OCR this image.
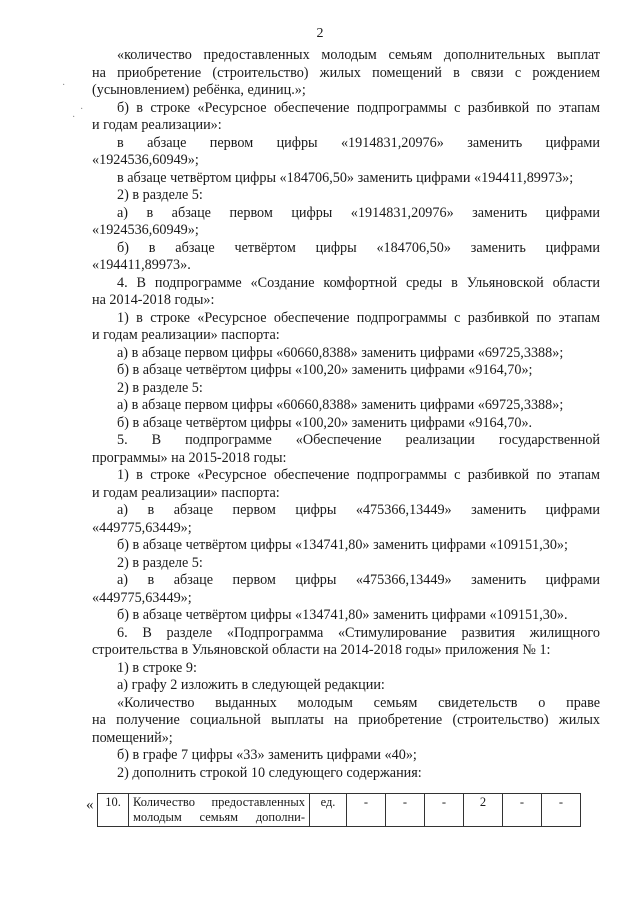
2
«количество предоставленных молодым семьям дополнительных выплат
на приобретение (строительство) жилых помещений в связи с рождением
(усыновлением) ребёнка, единиц.»;
б) в строке «Ресурсное обеспечение подпрограммы с разбивкой по этапам
и годам реализации»:
в абзаце первом цифры «1914831,20976» заменить цифрами
«1924536,60949»;
в абзаце четвёртом цифры «184706,50» заменить цифрами «194411,89973»;
2) в разделе 5:
а) в абзаце первом цифры «1914831,20976» заменить цифрами
«1924536,60949»;
б) в абзаце четвёртом цифры «184706,50» заменить цифрами
«194411,89973».
4. В подпрограмме «Создание комфортной среды в Ульяновской области
на 2014-2018 годы»:
1) в строке «Ресурсное обеспечение подпрограммы с разбивкой по этапам
и годам реализации» паспорта:
а) в абзаце первом цифры «60660,8388» заменить цифрами «69725,3388»;
б) в абзаце четвёртом цифры «100,20» заменить цифрами «9164,70»;
2) в разделе 5:
а) в абзаце первом цифры «60660,8388» заменить цифрами «69725,3388»;
б) в абзаце четвёртом цифры «100,20» заменить цифрами «9164,70».
5. В подпрограмме «Обеспечение реализации государственной
программы» на 2015-2018 годы:
1) в строке «Ресурсное обеспечение подпрограммы с разбивкой по этапам
и годам реализации» паспорта:
а) в абзаце первом цифры «475366,13449» заменить цифрами
«449775,63449»;
б) в абзаце четвёртом цифры «134741,80» заменить цифрами «109151,30»;
2) в разделе 5:
а) в абзаце первом цифры «475366,13449» заменить цифрами
«449775,63449»;
б) в абзаце четвёртом цифры «134741,80» заменить цифрами «109151,30».
6. В разделе «Подпрограмма «Стимулирование развития жилищного
строительства в Ульяновской области на 2014-2018 годы» приложения № 1:
1) в строке 9:
а) графу 2 изложить в следующей редакции:
«Количество выданных молодым семьям свидетельств о праве
на получение социальной выплаты на приобретение (строительство) жилых
помещений»;
б) в графе 7 цифры «33» заменить цифрами «40»;
2) дополнить строкой 10 следующего содержания:
·
·
·
« 10.	Количество предоставленных молодым семьям дополни-	ед.	-	-	-	2	-	-
